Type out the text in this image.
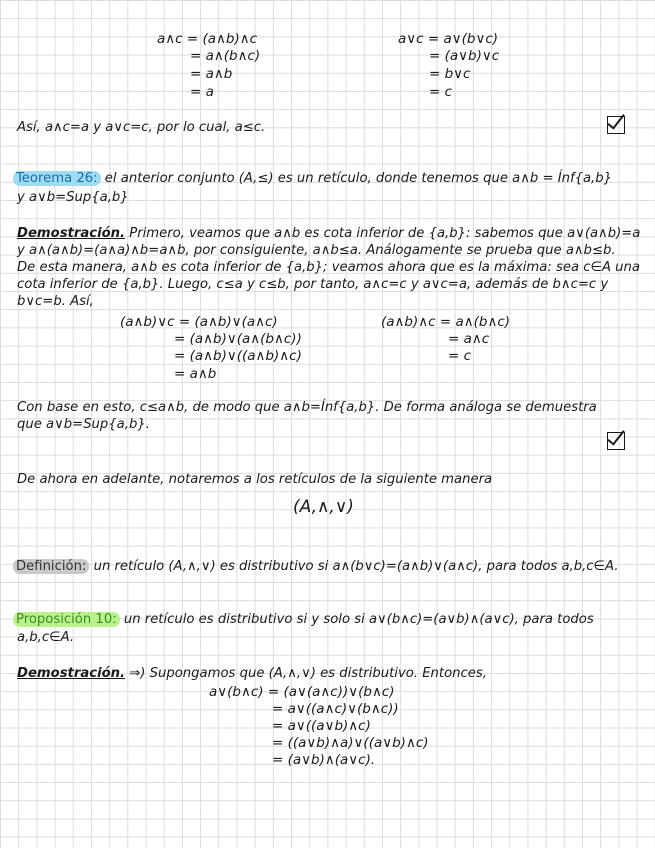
a∧c = (a∧b)∧c
= a∧(b∧c)
= a∧b
= a
a∨c = a∨(b∨c)
= (a∨b)∨c
= b∨c
= c
Así, a∧c=a y a∨c=c, por lo cual, a≤c.
Teorema 26: el anterior conjunto (A,≤) es un retículo, donde tenemos que a∧b = Ínf{a,b}
y a∨b=Sup{a,b}
Demostración. Primero, veamos que a∧b es cota inferior de {a,b}: sabemos que a∨(a∧b)=a
y a∧(a∧b)=(a∧a)∧b=a∧b, por consiguiente, a∧b≤a. Análogamente se prueba que a∧b≤b.
De esta manera, a∧b es cota inferior de {a,b}; veamos ahora que es la máxima: sea c∈A una
cota inferior de {a,b}. Luego, c≤a y c≤b, por tanto, a∧c=c y a∨c=a, además de b∧c=c y
b∨c=b. Así,
(a∧b)∨c = (a∧b)∨(a∧c)
= (a∧b)∨(a∧(b∧c))
= (a∧b)∨((a∧b)∧c)
= a∧b
(a∧b)∧c = a∧(b∧c)
= a∧c
= c
Con base en esto, c≤a∧b, de modo que a∧b=Ínf{a,b}. De forma análoga se demuestra
que a∨b=Sup{a,b}.
De ahora en adelante, notaremos a los retículos de la siguiente manera
(A,∧,∨)
Definición: un retículo (A,∧,∨) es distributivo si a∧(b∨c)=(a∧b)∨(a∧c), para todos a,b,c∈A.
Proposición 10: un retículo es distributivo si y solo si a∨(b∧c)=(a∨b)∧(a∨c), para todos
a,b,c∈A.
Demostración. ⇒) Supongamos que (A,∧,∨) es distributivo. Entonces,
a∨(b∧c) = (a∨(a∧c))∨(b∧c)
= a∨((a∧c)∨(b∧c))
= a∨((a∨b)∧c)
= ((a∨b)∧a)∨((a∨b)∧c)
= (a∨b)∧(a∨c).
